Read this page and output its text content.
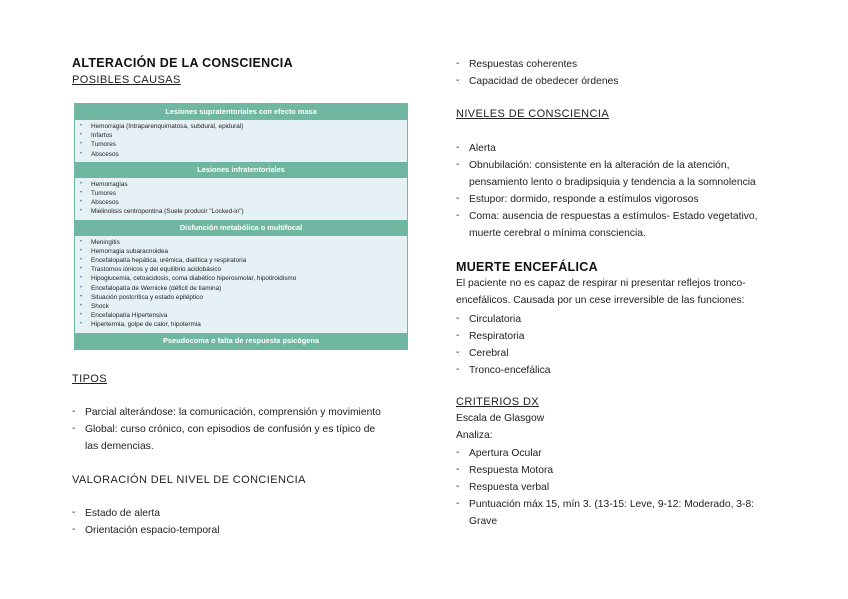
ALTERACIÓN DE LA CONSCIENCIA
POSIBLES CAUSAS
Lesiones supratentoriales con efecto masa
• Hemorragia (Intraparenquimatosa, subdural, epidural)
• Infartos
• Tumores
• Abscesos
Lesiones infratentoriales
• Hemorragias
• Tumores
• Abscesos
• Mielinolisis centropontina (Suele producir "Locked-in")
Disfunción metabólica o multifocal
• Meningitis
• Hemorragia subaracnoidea
• Encefalopatía hepática, urémica, dialítica y respiratoria
• Trastornos iónicos y del equilibrio acidobásico
• Hipoglucemia, cetoacidosis, coma diabético hiperosmolar, hipotiroidismo
• Encefalopatía de Wernicke (déficit de tiamina)
• Situación postcrítica y estado epiléptico
• Shock
• Encefalopatía Hipertensiva
• Hipertermia, golpe de calor, hipotermia
Pseudocoma o falta de respuesta psicógena
TIPOS
- Parcial alterándose: la comunicación, comprensión y movimiento
- Global: curso crónico, con episodios de confusión y es típico de
las demencias.
VALORACIÓN DEL NIVEL DE CONCIENCIA
- Estado de alerta
- Orientación espacio-temporal
- Respuestas coherentes
- Capacidad de obedecer órdenes
NIVELES DE CONSCIENCIA
- Alerta
- Obnubilación: consistente en la alteración de la atención,
pensamiento lento o bradipsiquia y tendencia a la somnolencia
- Estupor: dormido, responde a estímulos vigorosos
- Coma: ausencia de respuestas a estímulos- Estado vegetativo,
muerte cerebral o mínima consciencia.
MUERTE ENCEFÁLICA
El paciente no es capaz de respirar ni presentar reflejos tronco-
encefálicos. Causada por un cese irreversible de las funciones:
- Circulatoria
- Respiratoria
- Cerebral
- Tronco-encefálica
CRITERIOS DX
Escala de Glasgow
Analiza:
- Apertura Ocular
- Respuesta Motora
- Respuesta verbal
- Puntuación máx 15, mín 3. (13-15: Leve, 9-12: Moderado, 3-8:
Grave
